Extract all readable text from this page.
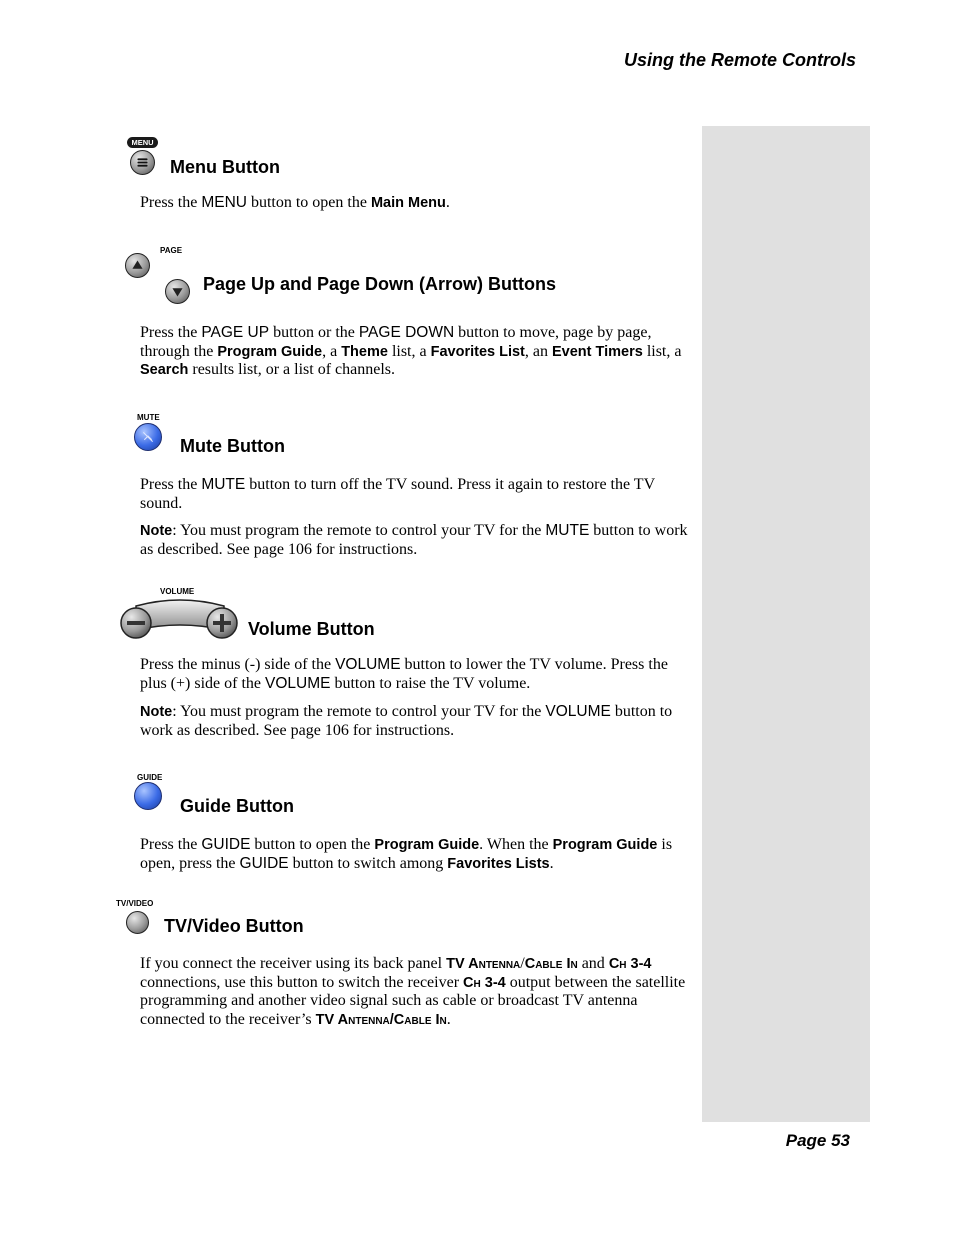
Using the Remote Controls
MENU
Menu Button
Press the MENU button to open the Main Menu.
PAGE
Page Up and Page Down (Arrow) Buttons
Press the PAGE UP button or the PAGE DOWN button to move, page by page, through the Program Guide, a Theme list, a Favorites List, an Event Timers list, a Search results list, or a list of channels.
MUTE
Mute Button
Press the MUTE button to turn off the TV sound. Press it again to restore the TV sound.
Note: You must program the remote to control your TV for the MUTE button to work as described. See page 106 for instructions.
VOLUME
Volume Button
Press the minus (-) side of the VOLUME button to lower the TV volume. Press the plus (+) side of the VOLUME button to raise the TV volume.
Note: You must program the remote to control your TV for the VOLUME button to work as described. See page 106 for instructions.
GUIDE
Guide Button
Press the GUIDE button to open the Program Guide. When the Program Guide is open, press the GUIDE button to switch among Favorites Lists.
TV/VIDEO
TV/Video Button
If you connect the receiver using its back panel TV Antenna/Cable In and Ch 3-4 connections, use this button to switch the receiver Ch 3-4 output between the satellite programming and another video signal such as cable or broadcast TV antenna connected to the receiver’s TV Antenna/Cable In.
Page 53
